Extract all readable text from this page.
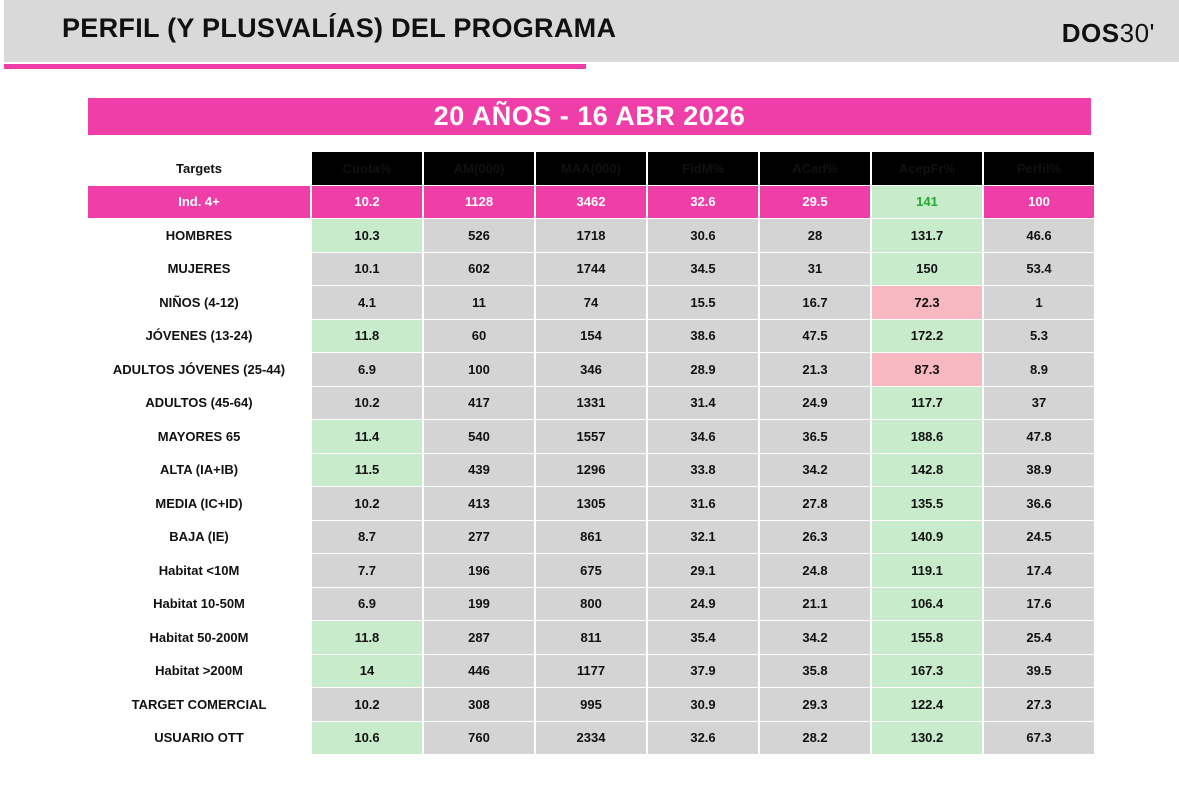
PERFIL (Y PLUSVALÍAS) DEL PROGRAMA	DOS30'
20 AÑOS - 16 ABR 2026
Targets	Cuota%	AM(000)	MAA(000)	FidM%	ACad%	AcepFr%	Perfil%
Ind. 4+	10.2	1128	3462	32.6	29.5	141	100
HOMBRES	10.3	526	1718	30.6	28	131.7	46.6
MUJERES	10.1	602	1744	34.5	31	150	53.4
NIÑOS (4-12)	4.1	11	74	15.5	16.7	72.3	1
JÓVENES (13-24)	11.8	60	154	38.6	47.5	172.2	5.3
ADULTOS JÓVENES (25-44)	6.9	100	346	28.9	21.3	87.3	8.9
ADULTOS (45-64)	10.2	417	1331	31.4	24.9	117.7	37
MAYORES 65	11.4	540	1557	34.6	36.5	188.6	47.8
ALTA (IA+IB)	11.5	439	1296	33.8	34.2	142.8	38.9
MEDIA (IC+ID)	10.2	413	1305	31.6	27.8	135.5	36.6
BAJA (IE)	8.7	277	861	32.1	26.3	140.9	24.5
Habitat <10M	7.7	196	675	29.1	24.8	119.1	17.4
Habitat 10-50M	6.9	199	800	24.9	21.1	106.4	17.6
Habitat 50-200M	11.8	287	811	35.4	34.2	155.8	25.4
Habitat >200M	14	446	1177	37.9	35.8	167.3	39.5
TARGET COMERCIAL	10.2	308	995	30.9	29.3	122.4	27.3
USUARIO OTT	10.6	760	2334	32.6	28.2	130.2	67.3
